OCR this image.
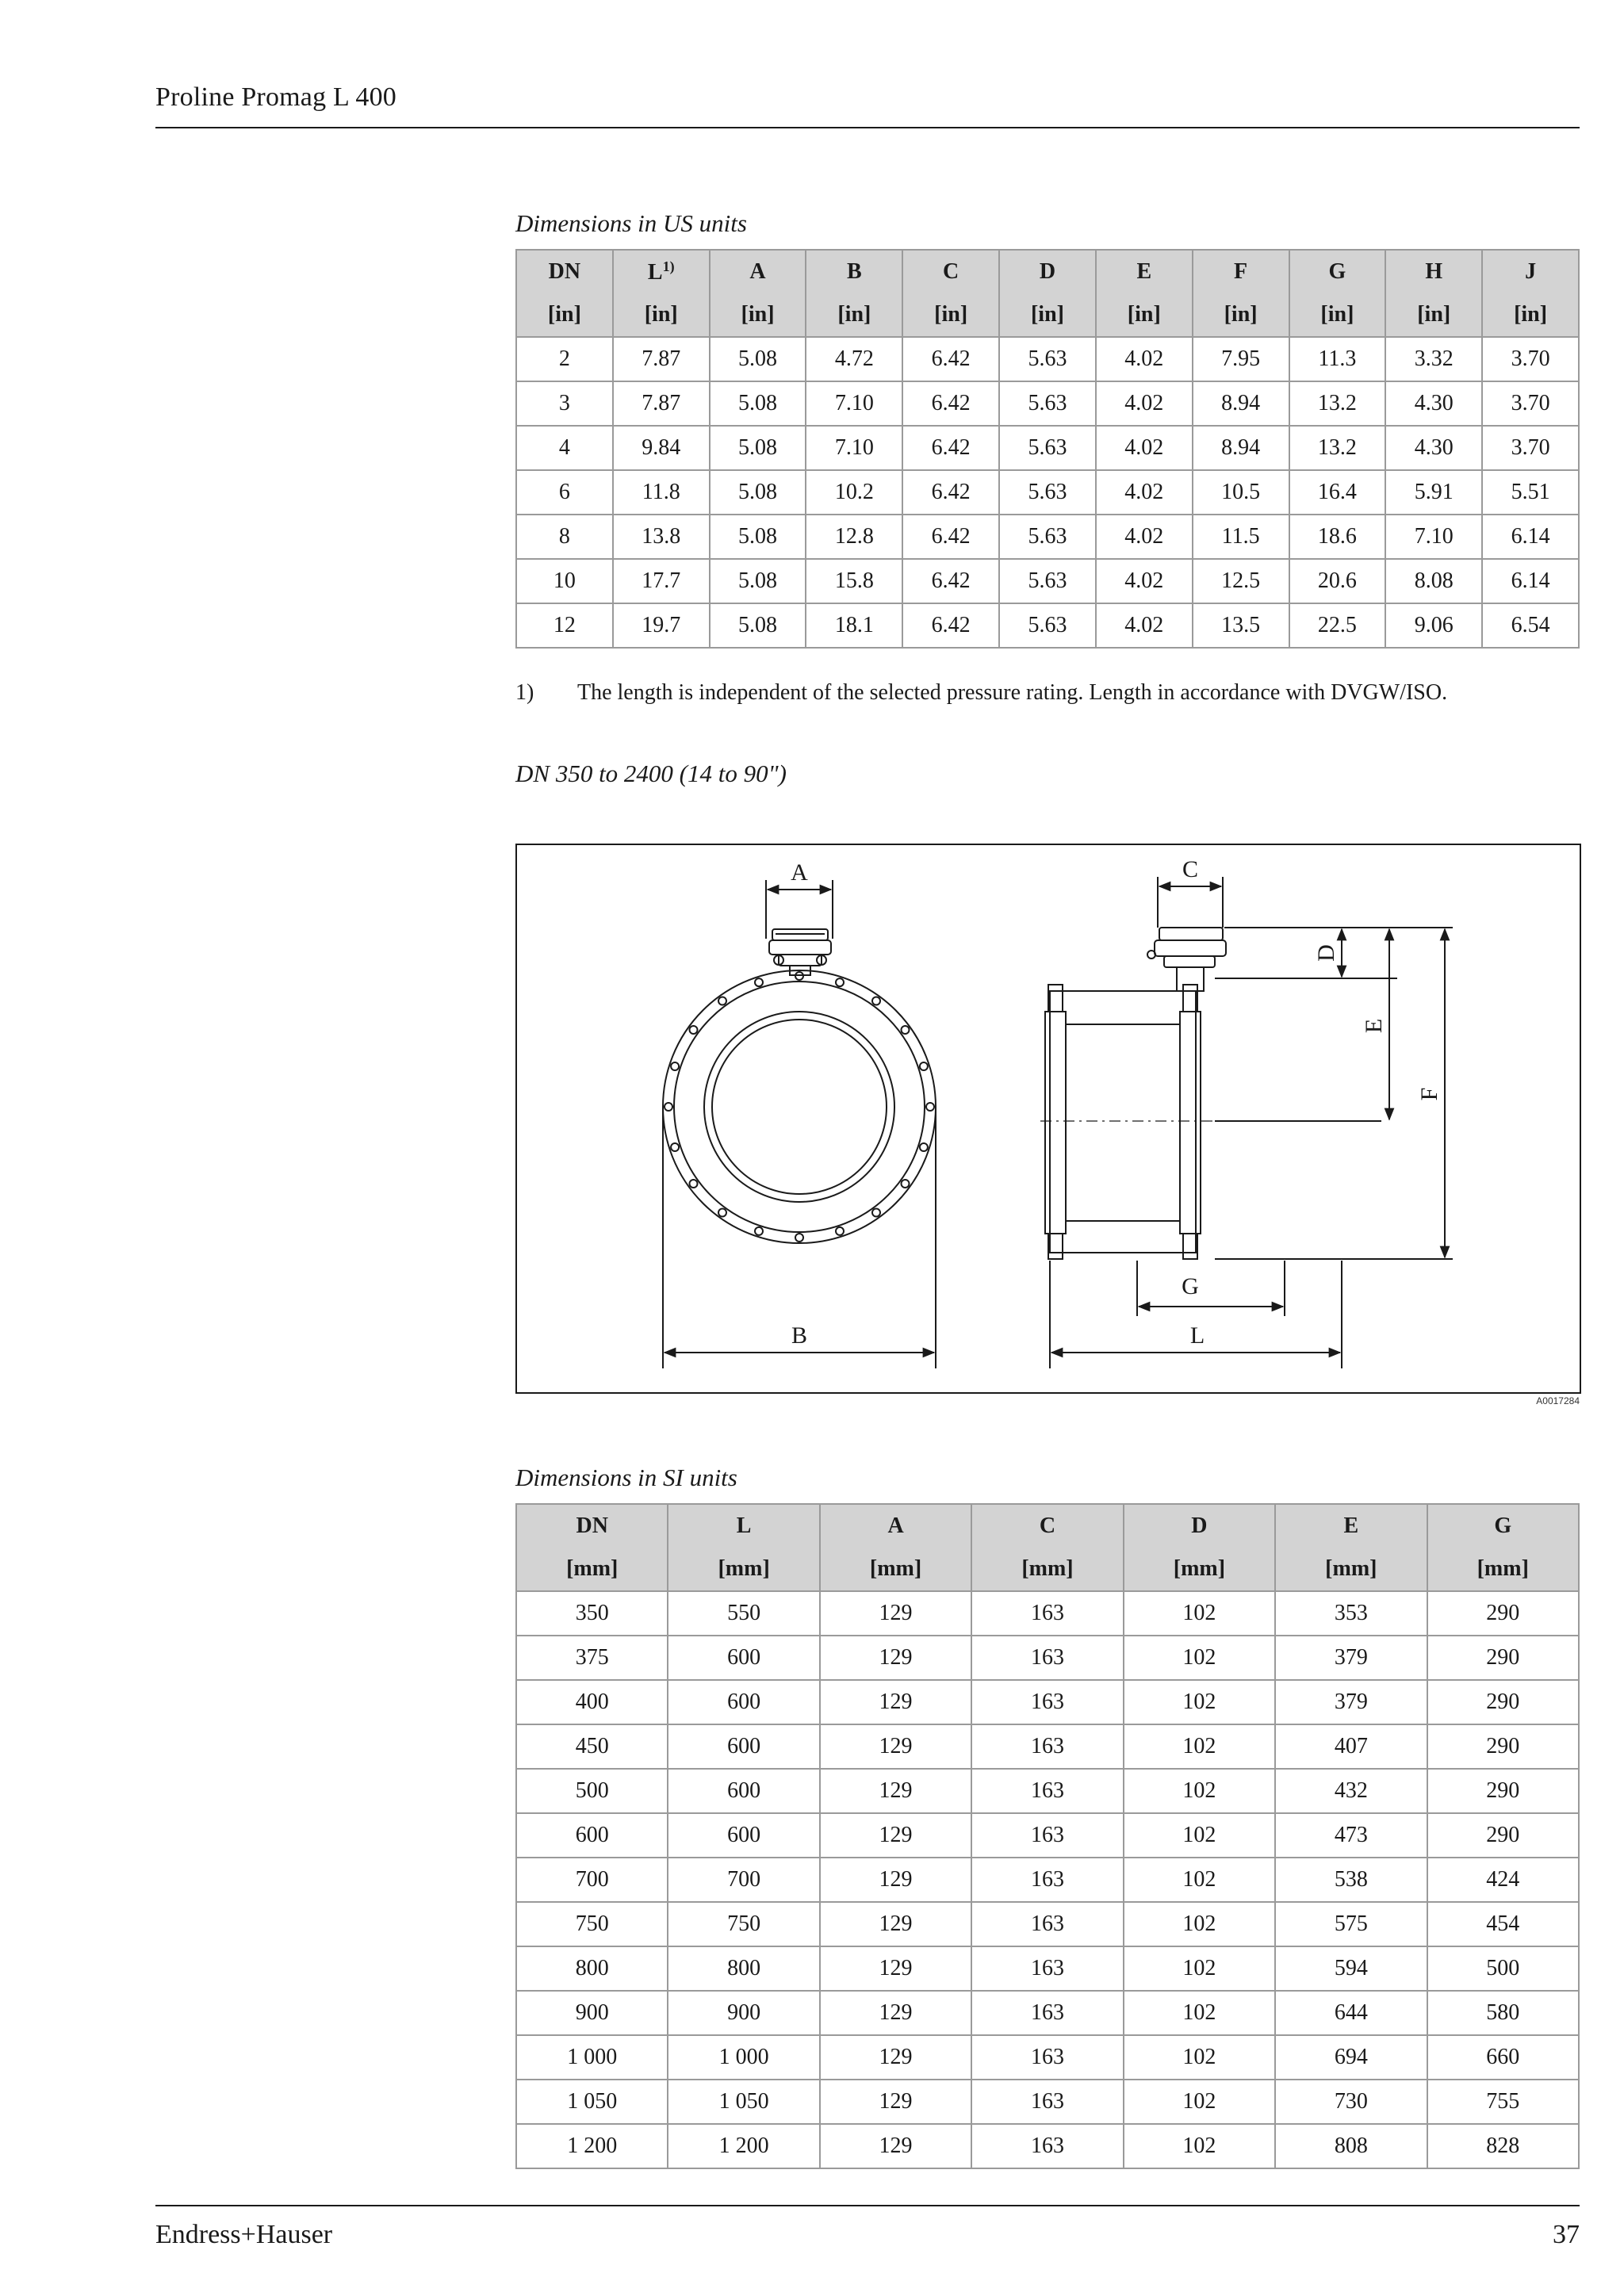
Proline Promag L 400
Dimensions in US units
DN	$L^{1)}$	A	B	C	D	E	F	G	H	J
[in]	[in]	[in]	[in]	[in]	[in]	[in]	[in]	[in]	[in]	[in]
2	7.87	5.08	4.72	6.42	5.63	4.02	7.95	11.3	3.32	3.70
3	7.87	5.08	7.10	6.42	5.63	4.02	8.94	13.2	4.30	3.70
4	9.84	5.08	7.10	6.42	5.63	4.02	8.94	13.2	4.30	3.70
6	11.8	5.08	10.2	6.42	5.63	4.02	10.5	16.4	5.91	5.51
8	13.8	5.08	12.8	6.42	5.63	4.02	11.5	18.6	7.10	6.14
10	17.7	5.08	15.8	6.42	5.63	4.02	12.5	20.6	8.08	6.14
12	19.7	5.08	18.1	6.42	5.63	4.02	13.5	22.5	9.06	6.54
1) The length is independent of the selected pressure rating. Length in accordance with DVGW/ISO.
DN 350 to 2400 (14 to 90")
A
B
C
D
E
F
G
L
A0017284
Dimensions in SI units
DN	L	A	C	D	E	G
[mm]	[mm]	[mm]	[mm]	[mm]	[mm]	[mm]
350	550	129	163	102	353	290
375	600	129	163	102	379	290
400	600	129	163	102	379	290
450	600	129	163	102	407	290
500	600	129	163	102	432	290
600	600	129	163	102	473	290
700	700	129	163	102	538	424
750	750	129	163	102	575	454
800	800	129	163	102	594	500
900	900	129	163	102	644	580
1 000	1 000	129	163	102	694	660
1 050	1 050	129	163	102	730	755
1 200	1 200	129	163	102	808	828
Endress+Hauser	37
